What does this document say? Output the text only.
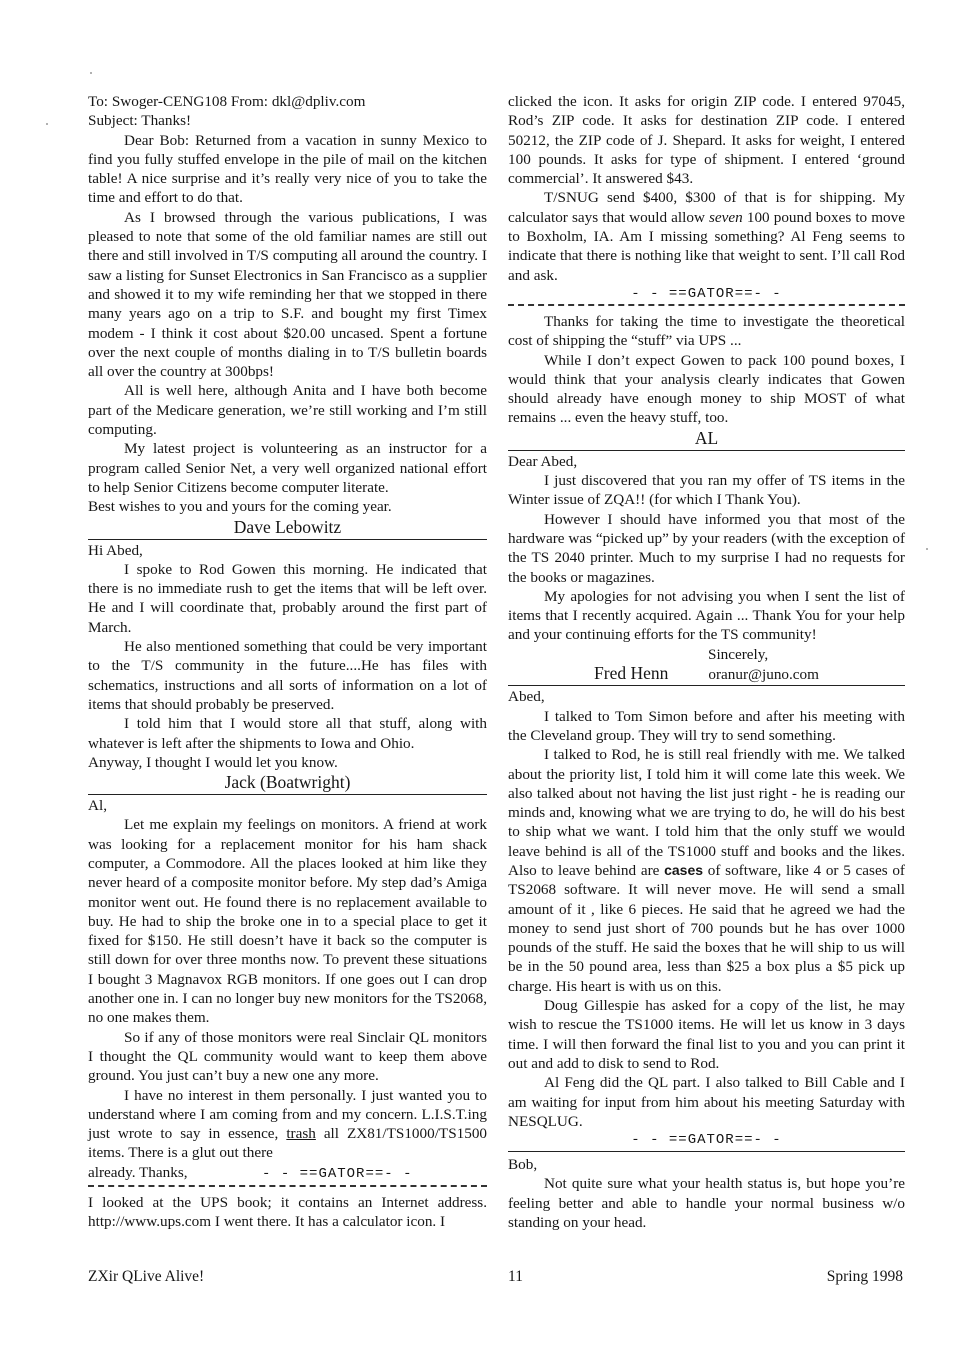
To: Swoger-CENG108 From: dkl@dpliv.com

Subject: Thanks!

Dear Bob: Returned from a vacation in sunny Mexico to find you fully stuffed envelope in the pile of mail on the kitchen table! A nice surprise and it’s really very nice of you to take the time and effort to do that.

As I browsed through the various publications, I was pleased to note that some of the old familiar names are still out there and still involved in T/S computing all around the country. I saw a listing for Sunset Electronics in San Francisco as a supplier and showed it to my wife reminding her that we stopped in there many years ago on a trip to S.F. and bought my first Timex modem - I think it cost about $20.00 uncased. Spent a fortune over the next couple of months dialing in to T/S bulletin boards all over the country at 300bps!

All is well here, although Anita and I have both become part of the Medicare generation, we’re still working and I’m still computing.

My latest project is volunteering as an instructor for a program called Senior Net, a very well organized national effort to help Senior Citizens become computer literate.

Best wishes to you and yours for the coming year.

Dave Lebowitz

Hi Abed,

I spoke to Rod Gowen this morning. He indicated that there is no immediate rush to get the items that will be left over. He and I will coordinate that, probably around the first part of March.

He also mentioned something that could be very important to the T/S community in the future....He has files with schematics, instructions and all sorts of information on a lot of items that should probably be preserved.

I told him that I would store all that stuff, along with whatever is left after the shipments to Iowa and Ohio.

Anyway, I thought I would let you know.

Jack (Boatwright)

Al,

Let me explain my feelings on monitors. A friend at work was looking for a replacement monitor for his ham shack computer, a Commodore. All the places looked at him like they never heard of a composite monitor before. My step dad’s Amiga monitor went out. He found there is no replacement available to buy. He had to ship the broke one in to a special place to get it fixed for $150. He still doesn’t have it back so the computer is still down for over three months now. To prevent these situations I bought 3 Magnavox RGB monitors. If one goes out I can drop another one in. I can no longer buy new monitors for the TS2068, no one makes them.

So if any of those monitors were real Sinclair QL monitors I thought the QL community would want to keep them above ground. You just can’t buy a new one any more.

I have no interest in them personally. I just wanted you to understand where I am coming from and my concern. L.I.S.T.ing just wrote to say in essence, trash all ZX81/TS1000/TS1500 items. There is a glut out there

already. Thanks,	- - ==GATOR==- -

I looked at the UPS book; it contains an Internet address. http://www.ups.com I went there. It has a calculator icon. I

clicked the icon. It asks for origin ZIP code. I entered 97045, Rod’s ZIP code. It asks for destination ZIP code. I entered 50212, the ZIP code of J. Shepard. It asks for weight, I entered 100 pounds. It asks for type of shipment. I entered ‘ground commercial’. It answered $43.

T/SNUG send $400, $300 of that is for shipping. My calculator says that would allow seven 100 pound boxes to move to Boxholm, IA. Am I missing something? Al Feng seems to indicate that there is nothing like that weight to sent. I’ll call Rod and ask.

- - ==GATOR==- -

Thanks for taking the time to investigate the theoretical cost of shipping the “stuff” via UPS ...

While I don’t expect Gowen to pack 100 pound boxes, I would think that your analysis clearly indicates that Gowen should already have enough money to ship MOST of what remains ... even the heavy stuff, too.

AL

Dear Abed,

I just discovered that you ran my offer of TS items in the Winter issue of ZQA!! (for which I Thank You).

However I should have informed you that most of the hardware was “picked up” by your readers (with the exception of the TS 2040 printer. Much to my surprise I had no requests for the books or magazines.

My apologies for not advising you when I sent the list of items that I recently acquired. Again ... Thank You for your help and your continuing efforts for the TS community!

Sincerely,

Fred Henn	oranur@juno.com

Abed,

I talked to Tom Simon before and after his meeting with the Cleveland group. They will try to send something.

I talked to Rod, he is still real friendly with me. We talked about the priority list, I told him it will come late this week. We also talked about not having the list just right - he is reading our minds and, knowing what we are trying to do, he will do his best to ship what we want. I told him that the only stuff we would leave behind is all of the TS1000 stuff and books and the likes. Also to leave behind are cases of software, like 4 or 5 cases of TS2068 software. It will never move. He will send a small amount of it , like 6 pieces. He said that he agreed we had the money to send just short of 700 pounds but he has over 1000 pounds of the stuff. He said the boxes that he will ship to us will be in the 50 pound area, less than $25 a box plus a $5 pick up charge. His heart is with us on this.

Doug Gillespie has asked for a copy of the list, he may wish to rescue the TS1000 items. He will let us know in 3 days time. I will then forward the final list to you and you can print it out and add to disk to send to Rod.

Al Feng did the QL part. I also talked to Bill Cable and I am waiting for input from him about his meeting Saturday with NESQLUG.

- - ==GATOR==- -

Bob,

Not quite sure what your health status is, but hope you’re feeling better and able to handle your normal business w/o standing on your head.

ZXir QLive Alive!	11	Spring 1998
